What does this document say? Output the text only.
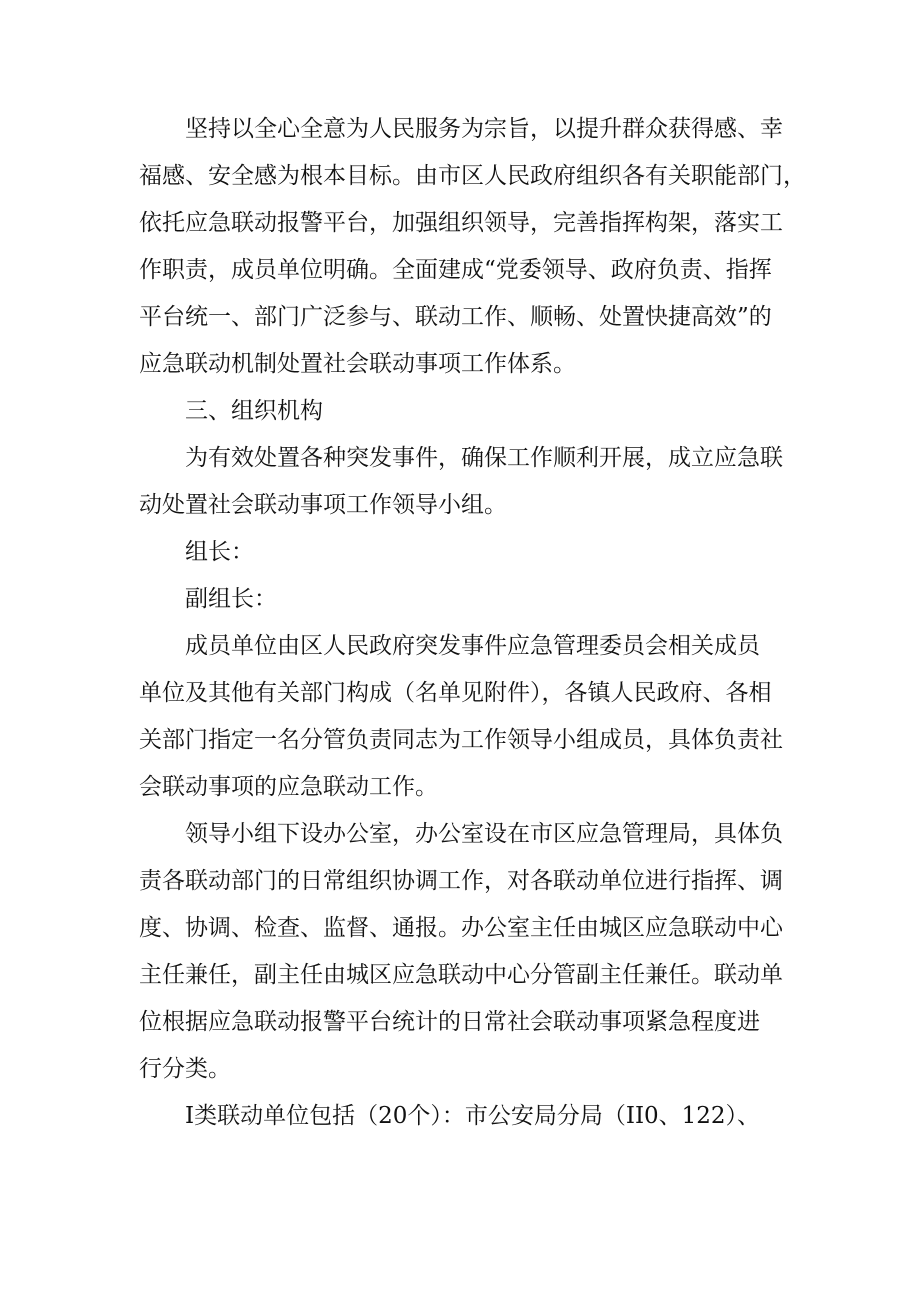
坚持以全心全意为人民服务为宗旨，以提升群众获得感、幸
福感、安全感为根本目标。由市区人民政府组织各有关职能部门，
依托应急联动报警平台，加强组织领导，完善指挥构架，落实工
作职责，成员单位明确。全面建成“党委领导、政府负责、指挥
平台统一、部门广泛参与、联动工作、顺畅、处置快捷高效”的
应急联动机制处置社会联动事项工作体系。
三、组织机构
为有效处置各种突发事件，确保工作顺利开展，成立应急联
动处置社会联动事项工作领导小组。
组长：
副组长：
成员单位由区人民政府突发事件应急管理委员会相关成员
单位及其他有关部门构成（名单见附件），各镇人民政府、各相
关部门指定一名分管负责同志为工作领导小组成员，具体负责社
会联动事项的应急联动工作。
领导小组下设办公室，办公室设在市区应急管理局，具体负
责各联动部门的日常组织协调工作，对各联动单位进行指挥、调
度、协调、检查、监督、通报。办公室主任由城区应急联动中心
主任兼任，副主任由城区应急联动中心分管副主任兼任。联动单
位根据应急联动报警平台统计的日常社会联动事项紧急程度进
行分类。
I类联动单位包括（20个）：市公安局分局（II0、122）、
